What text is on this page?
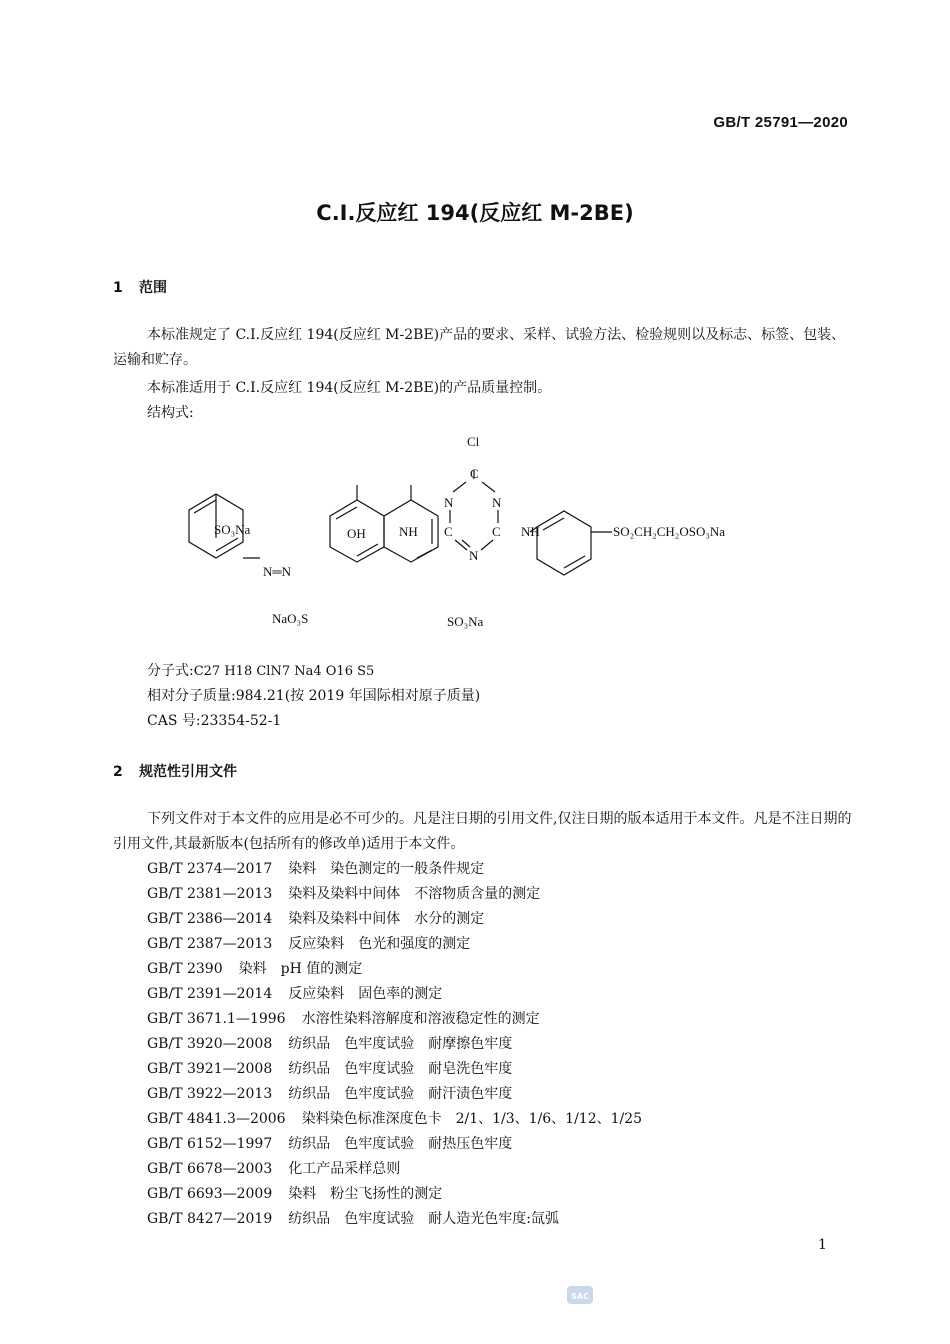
GB/T 25791—2020
C.I.反应红 194(反应红 M-2BE)
1 范围
本标准规定了 C.I.反应红 194(反应红 M-2BE)产品的要求、采样、试验方法、检验规则以及标志、标签、包装、运输和贮存。
本标准适用于 C.I.反应红 194(反应红 M-2BE)的产品质量控制。
结构式:
Cl
C
N	N
C	C
N
NH	NH
OH
SO₃Na
N═N
NaO₃S	SO₃Na
SO₂CH₂CH₂OSO₃Na
分子式:C27 H18 ClN7 Na4 O16 S5
相对分子质量:984.21(按 2019 年国际相对原子质量)
CAS 号:23354-52-1
2 规范性引用文件
下列文件对于本文件的应用是必不可少的。凡是注日期的引用文件,仅注日期的版本适用于本文件。凡是不注日期的引用文件,其最新版本(包括所有的修改单)适用于本文件。
GB/T 2374—2017 染料　染色测定的一般条件规定
GB/T 2381—2013 染料及染料中间体　不溶物质含量的测定
GB/T 2386—2014 染料及染料中间体　水分的测定
GB/T 2387—2013 反应染料　色光和强度的测定
GB/T 2390 染料　pH 值的测定
GB/T 2391—2014 反应染料　固色率的测定
GB/T 3671.1—1996 水溶性染料溶解度和溶液稳定性的测定
GB/T 3920—2008 纺织品　色牢度试验　耐摩擦色牢度
GB/T 3921—2008 纺织品　色牢度试验　耐皂洗色牢度
GB/T 3922—2013 纺织品　色牢度试验　耐汗渍色牢度
GB/T 4841.3—2006 染料染色标准深度色卡　2/1、1/3、1/6、1/12、1/25
GB/T 6152—1997 纺织品　色牢度试验　耐热压色牢度
GB/T 6678—2003 化工产品采样总则
GB/T 6693—2009 染料　粉尘飞扬性的测定
GB/T 8427—2019 纺织品　色牢度试验　耐人造光色牢度:氙弧
1
SAC
